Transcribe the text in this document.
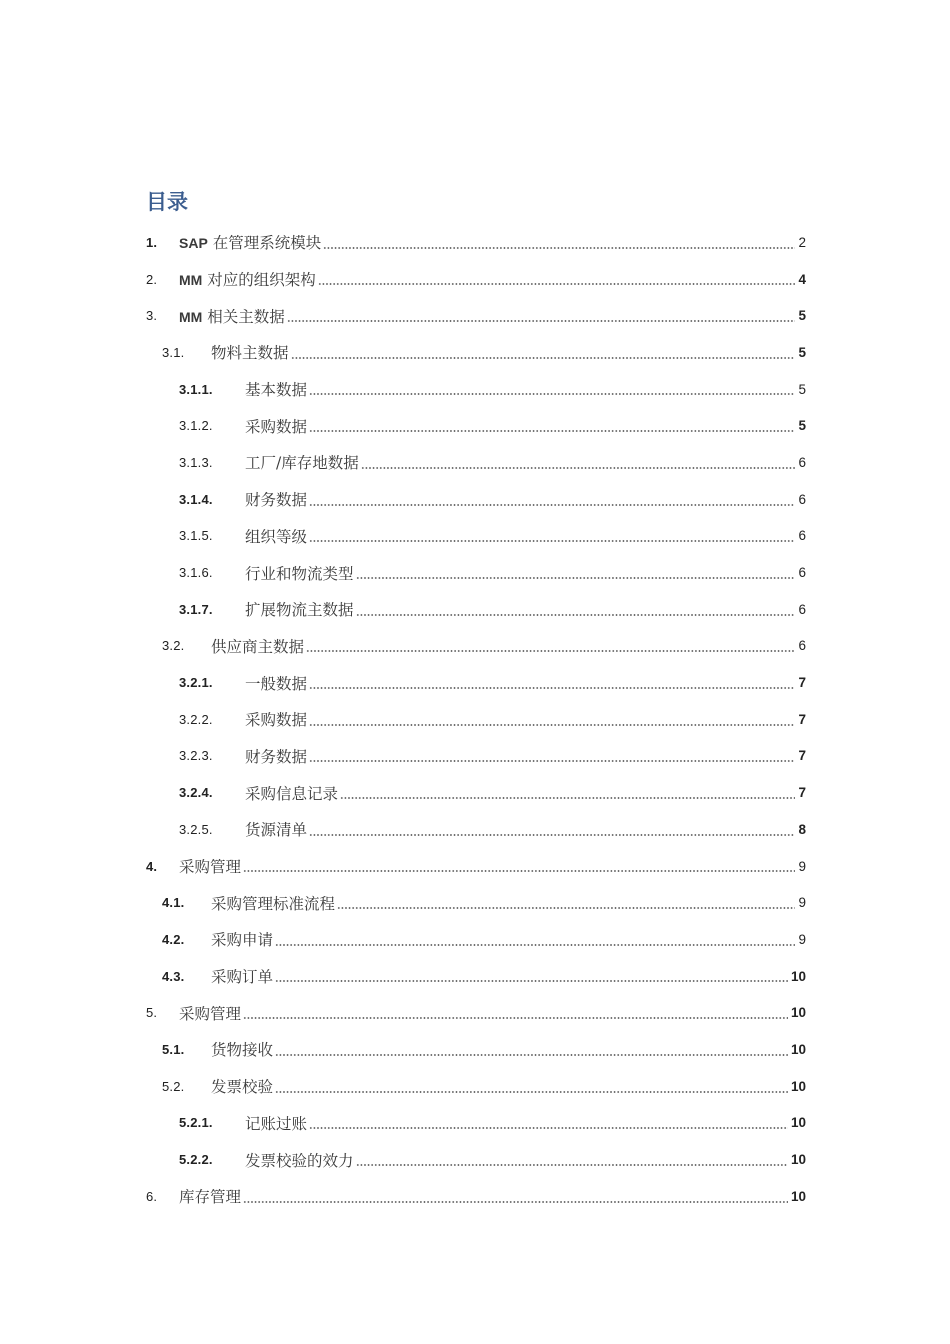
目录
1. SAP 在管理系统模块	2
2. MM 对应的组织架构	4
3. MM 相关主数据	5
3.1. 物料主数据	5
3.1.1. 基本数据	5
3.1.2. 采购数据	5
3.1.3. 工厂/库存地数据	6
3.1.4. 财务数据	6
3.1.5. 组织等级	6
3.1.6. 行业和物流类型	6
3.1.7. 扩展物流主数据	6
3.2. 供应商主数据	6
3.2.1. 一般数据	7
3.2.2. 采购数据	7
3.2.3. 财务数据	7
3.2.4. 采购信息记录	7
3.2.5. 货源清单	8
4. 采购管理	9
4.1. 采购管理标准流程	9
4.2. 采购申请	9
4.3. 采购订单	10
5. 采购管理	10
5.1. 货物接收	10
5.2. 发票校验	10
5.2.1. 记账过账	10
5.2.2. 发票校验的效力	10
6. 库存管理	10
